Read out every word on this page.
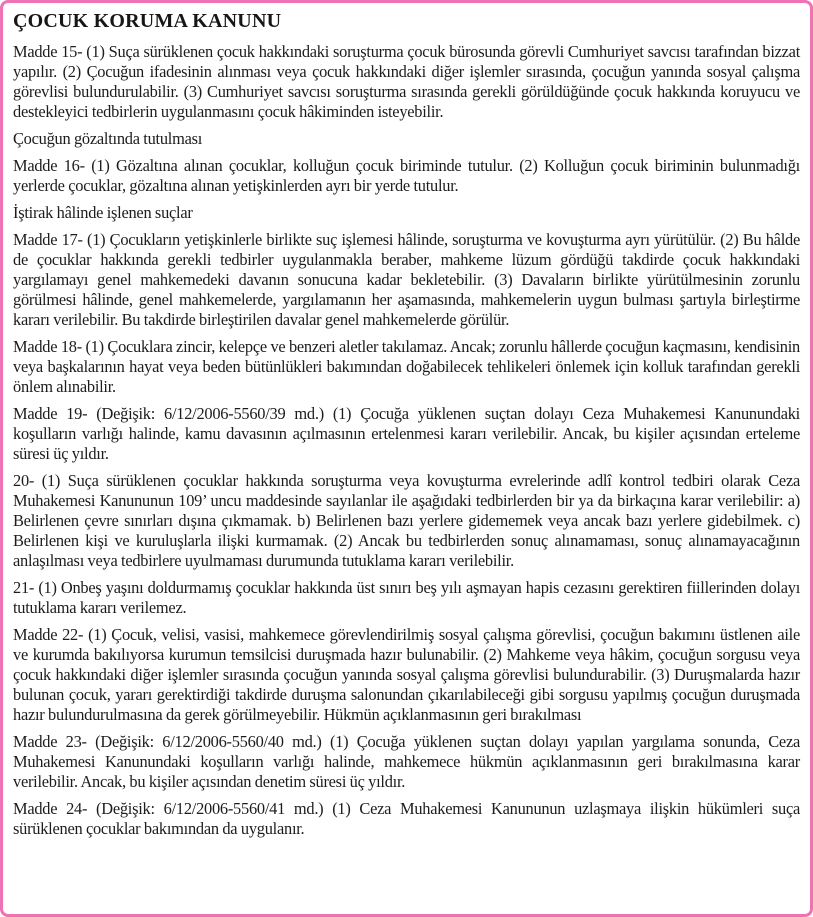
ÇOCUK KORUMA KANUNU

Madde 15- (1) Suça sürüklenen çocuk hakkındaki soruşturma çocuk bürosunda görevli Cumhuriyet savcısı tarafından bizzat yapılır. (2) Çocuğun ifadesinin alınması veya çocuk hakkındaki diğer işlemler sırasında, çocuğun yanında sosyal çalışma görevlisi bulundurulabilir. (3) Cumhuriyet savcısı soruşturma sırasında gerekli görüldüğünde çocuk hakkında koruyucu ve destekleyici tedbirlerin uygulanmasını çocuk hâkiminden isteyebilir.

Çocuğun gözaltında tutulması

Madde 16- (1) Gözaltına alınan çocuklar, kolluğun çocuk biriminde tutulur. (2) Kolluğun çocuk biriminin bulunmadığı yerlerde çocuklar, gözaltına alınan yetişkinlerden ayrı bir yerde tutulur.

İştirak hâlinde işlenen suçlar

Madde 17- (1) Çocukların yetişkinlerle birlikte suç işlemesi hâlinde, soruşturma ve kovuşturma ayrı yürütülür. (2) Bu hâlde de çocuklar hakkında gerekli tedbirler uygulanmakla beraber, mahkeme lüzum gördüğü takdirde çocuk hakkındaki yargılamayı genel mahkemedeki davanın sonucuna kadar bekletebilir. (3) Davaların birlikte yürütülmesinin zorunlu görülmesi hâlinde, genel mahkemelerde, yargılamanın her aşamasında, mahkemelerin uygun bulması şartıyla birleştirme kararı verilebilir. Bu takdirde birleştirilen davalar genel mahkemelerde görülür.

Madde 18- (1) Çocuklara zincir, kelepçe ve benzeri aletler takılamaz. Ancak; zorunlu hâllerde çocuğun kaçmasını, kendisinin veya başkalarının hayat veya beden bütünlükleri bakımından doğabilecek tehlikeleri önlemek için kolluk tarafından gerekli önlem alınabilir.

Madde 19- (Değişik: 6/12/2006-5560/39 md.) (1) Çocuğa yüklenen suçtan dolayı Ceza Muhakemesi Kanunundaki koşulların varlığı halinde, kamu davasının açılmasının ertelenmesi kararı verilebilir. Ancak, bu kişiler açısından erteleme süresi üç yıldır.

20- (1) Suça sürüklenen çocuklar hakkında soruşturma veya kovuşturma evrelerinde adlî kontrol tedbiri olarak Ceza Muhakemesi Kanununun 109’ uncu maddesinde sayılanlar ile aşağıdaki tedbirlerden bir ya da birkaçına karar verilebilir: a) Belirlenen çevre sınırları dışına çıkmamak. b) Belirlenen bazı yerlere gidememek veya ancak bazı yerlere gidebilmek. c) Belirlenen kişi ve kuruluşlarla ilişki kurmamak. (2) Ancak bu tedbirlerden sonuç alınamaması, sonuç alınamayacağının anlaşılması veya tedbirlere uyulmaması durumunda tutuklama kararı verilebilir.

21- (1) Onbeş yaşını doldurmamış çocuklar hakkında üst sınırı beş yılı aşmayan hapis cezasını gerektiren fiillerinden dolayı tutuklama kararı verilemez.

Madde 22- (1) Çocuk, velisi, vasisi, mahkemece görevlendirilmiş sosyal çalışma görevlisi, çocuğun bakımını üstlenen aile ve kurumda bakılıyorsa kurumun temsilcisi duruşmada hazır bulunabilir. (2) Mahkeme veya hâkim, çocuğun sorgusu veya çocuk hakkındaki diğer işlemler sırasında çocuğun yanında sosyal çalışma görevlisi bulundurabilir. (3) Duruşmalarda hazır bulunan çocuk, yararı gerektirdiği takdirde duruşma salonundan çıkarılabileceği gibi sorgusu yapılmış çocuğun duruşmada hazır bulundurulmasına da gerek görülmeyebilir. Hükmün açıklanmasının geri bırakılması

Madde 23- (Değişik: 6/12/2006-5560/40 md.) (1) Çocuğa yüklenen suçtan dolayı yapılan yargılama sonunda, Ceza Muhakemesi Kanunundaki koşulların varlığı halinde, mahkemece hükmün açıklanmasının geri bırakılmasına karar verilebilir. Ancak, bu kişiler açısından denetim süresi üç yıldır.

Madde 24- (Değişik: 6/12/2006-5560/41 md.) (1) Ceza Muhakemesi Kanununun uzlaşmaya ilişkin hükümleri suça sürüklenen çocuklar bakımından da uygulanır.
